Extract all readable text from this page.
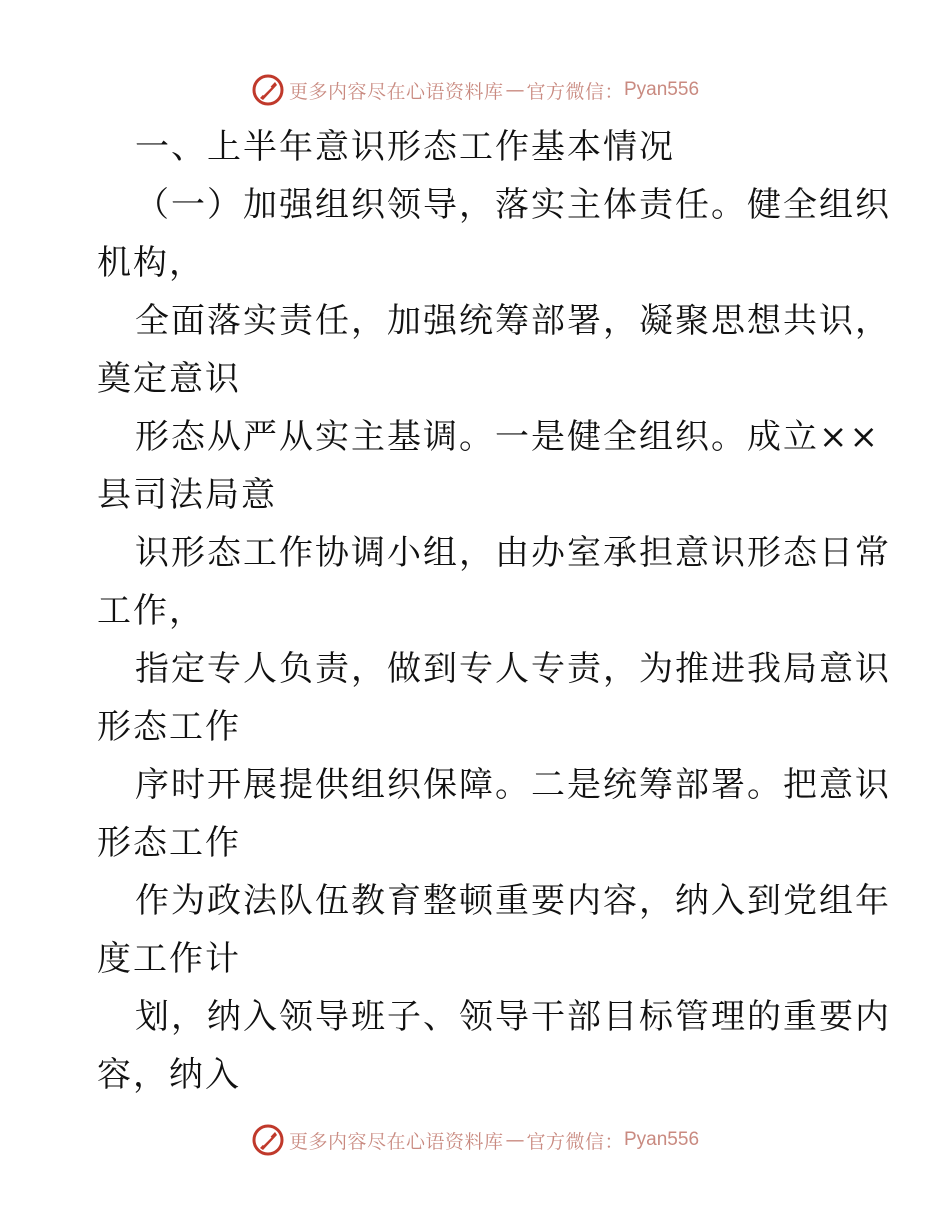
更多内容尽在心语资料库 — 官方微信： Pyan556
一、上半年意识形态工作基本情况
（一）加强组织领导，落实主体责任。健全组织
机构，
全面落实责任，加强统筹部署，凝聚思想共识，
奠定意识
形态从严从实主基调。一是健全组织。成立××
县司法局意
识形态工作协调小组，由办室承担意识形态日常
工作，
指定专人负责，做到专人专责，为推进我局意识
形态工作
序时开展提供组织保障。二是统筹部署。把意识
形态工作
作为政法队伍教育整顿重要内容，纳入到党组年
度工作计
划，纳入领导班子、领导干部目标管理的重要内
容，纳入
更多内容尽在心语资料库 — 官方微信： Pyan556
